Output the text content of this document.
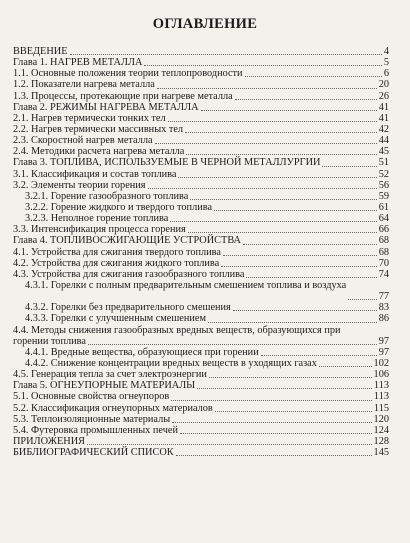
ОГЛАВЛЕНИЕ
ВВЕДЕНИЕ	4
Глава 1. НАГРЕВ МЕТАЛЛА	5
1.1. Основные положения теории теплопроводности	6
1.2. Показатели нагрева металла	20
1.3. Процессы, протекающие при нагреве металла	26
Глава 2. РЕЖИМЫ НАГРЕВА МЕТАЛЛА	41
2.1. Нагрев термически тонких тел	41
2.2. Нагрев термически массивных тел	42
2.3. Скоростной нагрев металла	44
2.4. Методики расчета нагрева металла	45
Глава 3. ТОПЛИВА, ИСПОЛЬЗУЕМЫЕ В ЧЕРНОЙ МЕТАЛЛУРГИИ	51
3.1. Классификация и состав топлива	52
3.2. Элементы теории горения	56
3.2.1. Горение газообразного топлива	59
3.2.2. Горение жидкого и твердого топлива	61
3.2.3. Неполное горение топлива	64
3.3. Интенсификация процесса горения	66
Глава 4. ТОПЛИВОСЖИГАЮЩИЕ УСТРОЙСТВА	68
4.1. Устройства для сжигания твердого топлива	68
4.2. Устройства для сжигания жидкого топлива	70
4.3. Устройства для сжигания газообразного топлива	74
4.3.1. Горелки с полным предварительным смешением топлива и воздуха
77
4.3.2. Горелки без предварительного смешения	83
4.3.3. Горелки с улучшенным смешением	86
4.4. Методы снижения газообразных вредных веществ, образующихся при горении топлива	97
4.4.1. Вредные вещества, образующиеся при горении	97
4.4.2. Снижение концентрации вредных веществ в уходящих газах	102
4.5. Генерация тепла за счет электроэнергии	106
Глава 5. ОГНЕУПОРНЫЕ МАТЕРИАЛЫ	113
5.1. Основные свойства огнеупоров	113
5.2. Классификация огнеупорных материалов	115
5.3. Теплоизоляционные материалы	120
5.4. Футеровка промышленных печей	124
ПРИЛОЖЕНИЯ	128
БИБЛИОГРАФИЧЕСКИЙ СПИСОК	145
